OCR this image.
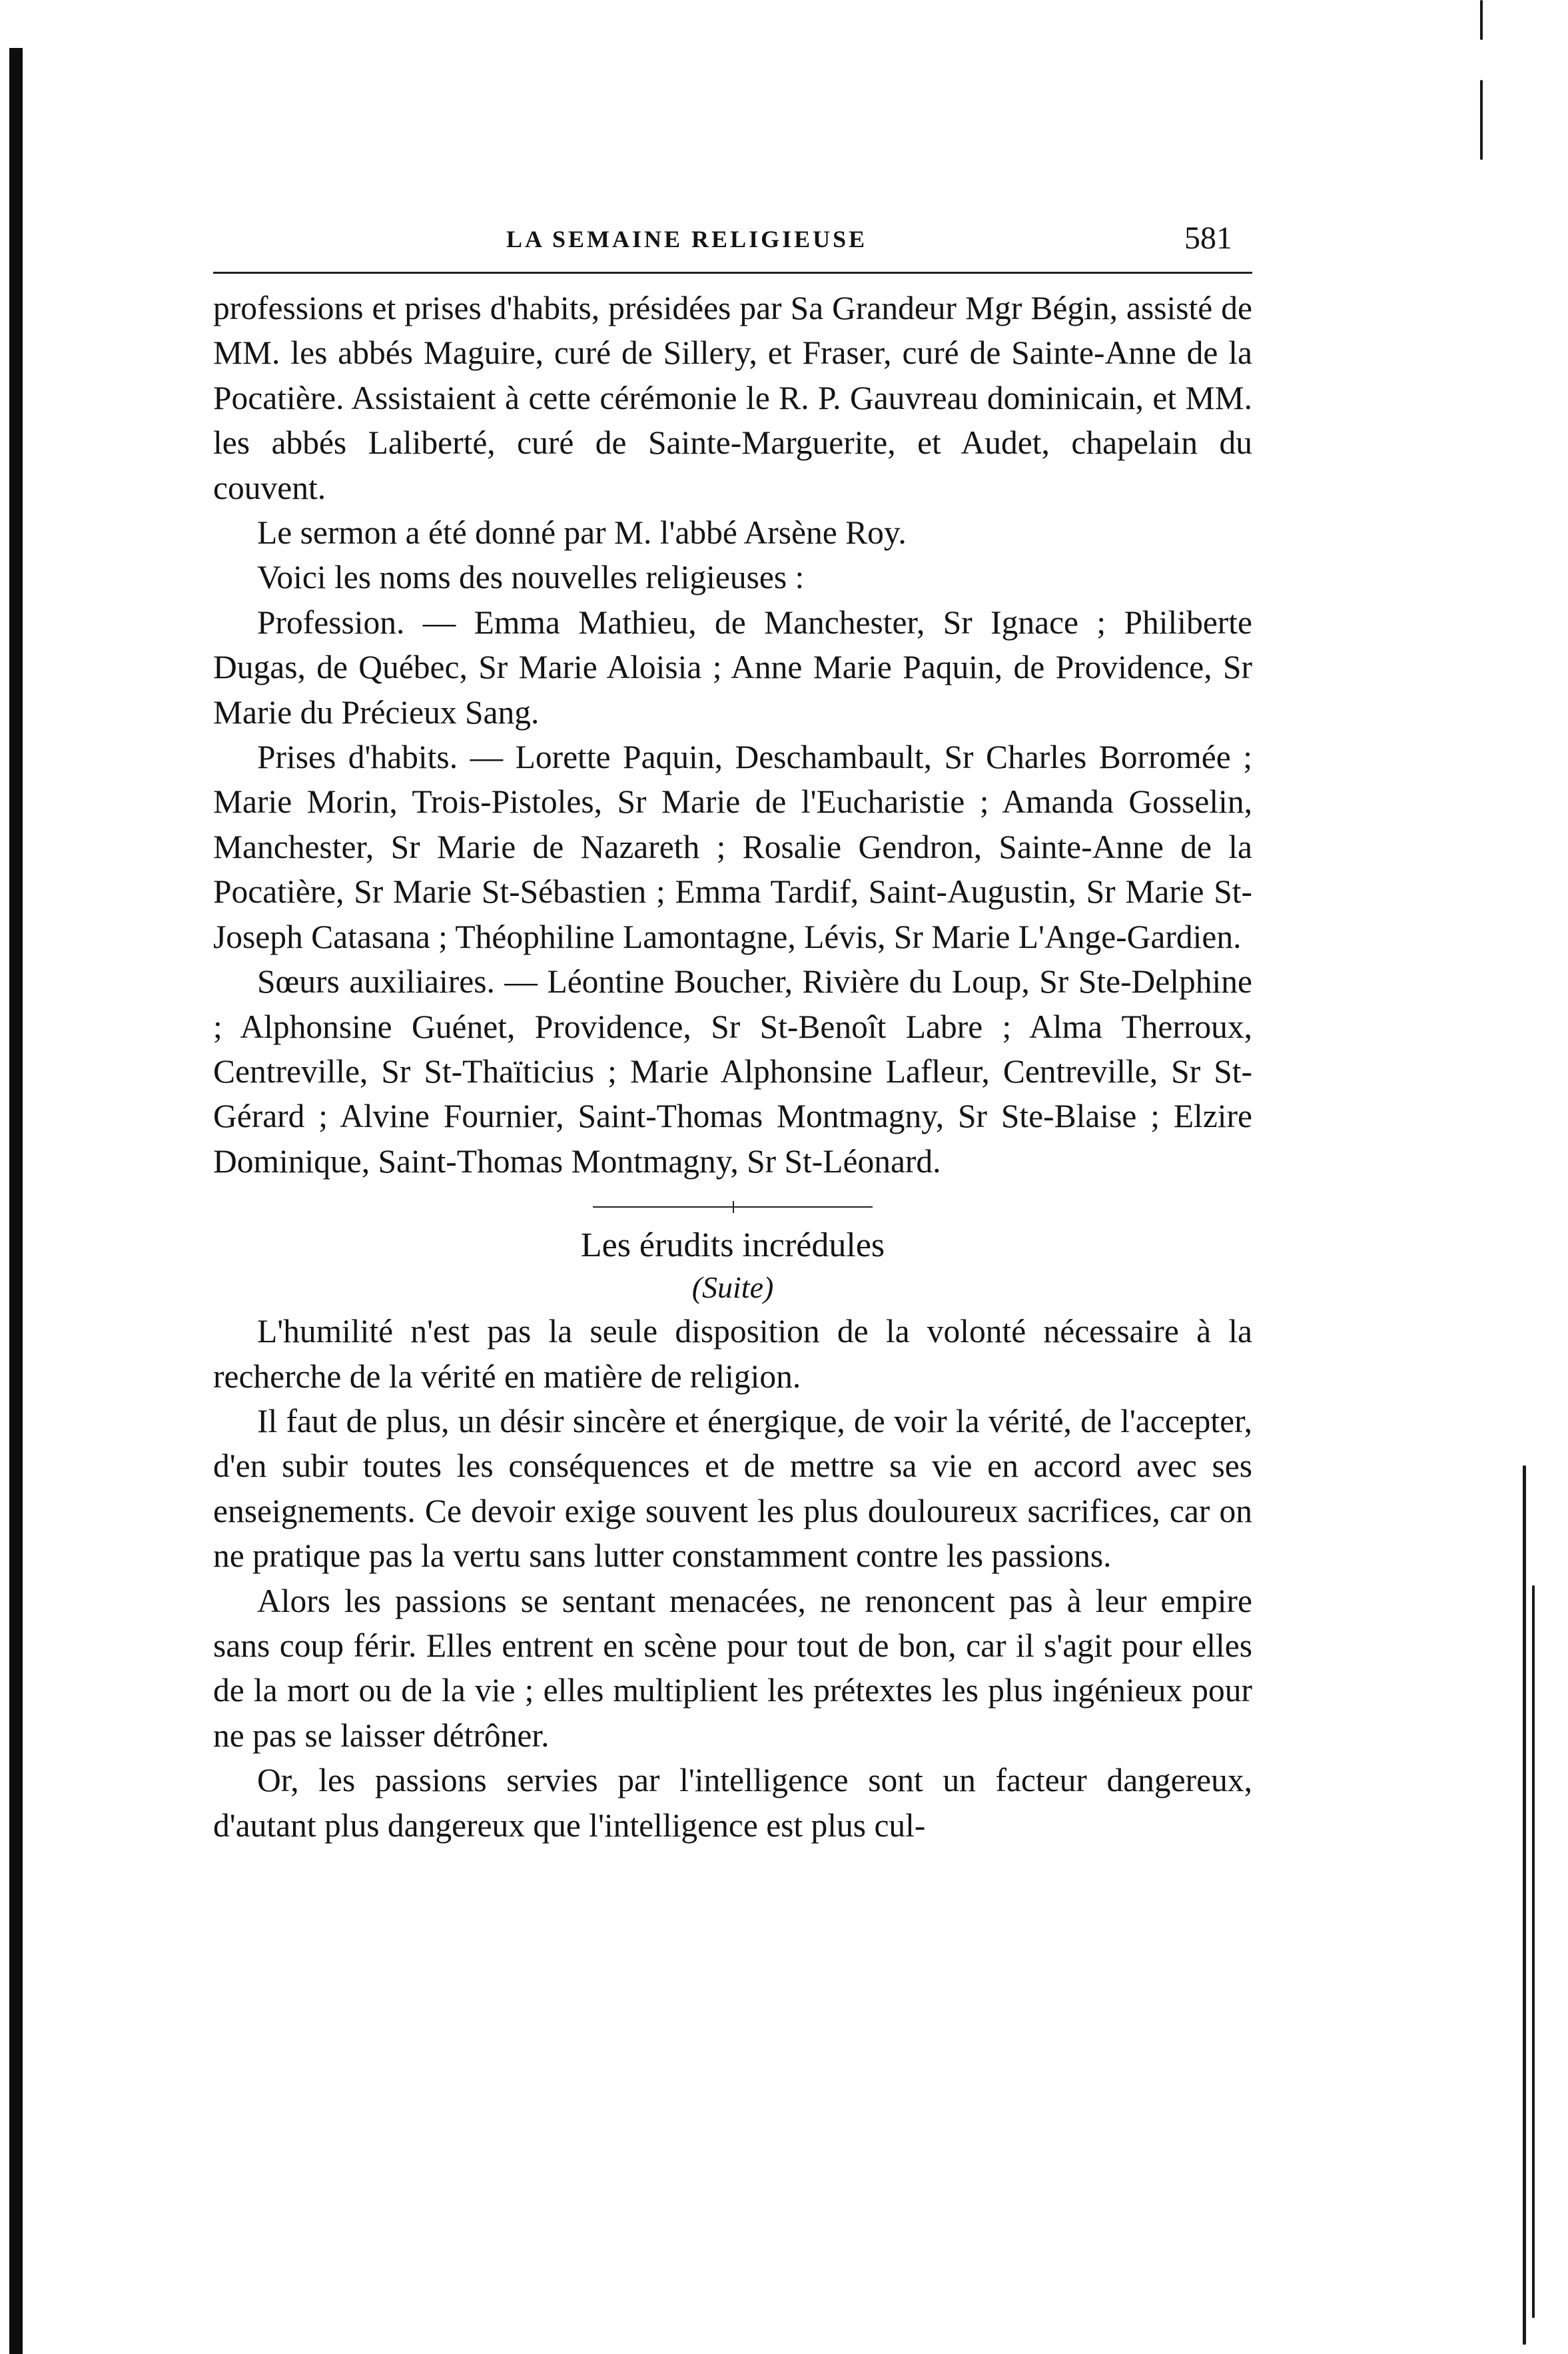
LA SEMAINE RELIGIEUSE	581

professions et prises d'habits, présidées par Sa Grandeur Mgr Bégin, assisté de MM. les abbés Maguire, curé de Sillery, et Fraser, curé de Sainte-Anne de la Pocatière. Assistaient à cette cérémonie le R. P. Gauvreau dominicain, et MM. les abbés Laliberté, curé de Sainte-Marguerite, et Audet, chapelain du couvent.

Le sermon a été donné par M. l'abbé Arsène Roy.

Voici les noms des nouvelles religieuses :

Profession. — Emma Mathieu, de Manchester, Sr Ignace ; Philiberte Dugas, de Québec, Sr Marie Aloisia ; Anne Marie Paquin, de Providence, Sr Marie du Précieux Sang.

Prises d'habits. — Lorette Paquin, Deschambault, Sr Charles Borromée ; Marie Morin, Trois-Pistoles, Sr Marie de l'Eucharistie ; Amanda Gosselin, Manchester, Sr Marie de Nazareth ; Rosalie Gendron, Sainte-Anne de la Pocatière, Sr Marie St-Sébastien ; Emma Tardif, Saint-Augustin, Sr Marie St-Joseph Catasana ; Théophiline Lamontagne, Lévis, Sr Marie L'Ange-Gardien.

Sœurs auxiliaires. — Léontine Boucher, Rivière du Loup, Sr Ste-Delphine ; Alphonsine Guénet, Providence, Sr St-Benoît Labre ; Alma Therroux, Centreville, Sr St-Thaïticius ; Marie Alphonsine Lafleur, Centreville, Sr St-Gérard ; Alvine Fournier, Saint-Thomas Montmagny, Sr Ste-Blaise ; Elzire Dominique, Saint-Thomas Montmagny, Sr St-Léonard.

Les érudits incrédules
(Suite)

L'humilité n'est pas la seule disposition de la volonté nécessaire à la recherche de la vérité en matière de religion.

Il faut de plus, un désir sincère et énergique, de voir la vérité, de l'accepter, d'en subir toutes les conséquences et de mettre sa vie en accord avec ses enseignements. Ce devoir exige souvent les plus douloureux sacrifices, car on ne pratique pas la vertu sans lutter constamment contre les passions.

Alors les passions se sentant menacées, ne renoncent pas à leur empire sans coup férir. Elles entrent en scène pour tout de bon, car il s'agit pour elles de la mort ou de la vie ; elles multiplient les prétextes les plus ingénieux pour ne pas se laisser détrôner.

Or, les passions servies par l'intelligence sont un facteur dangereux, d'autant plus dangereux que l'intelligence est plus cul-
